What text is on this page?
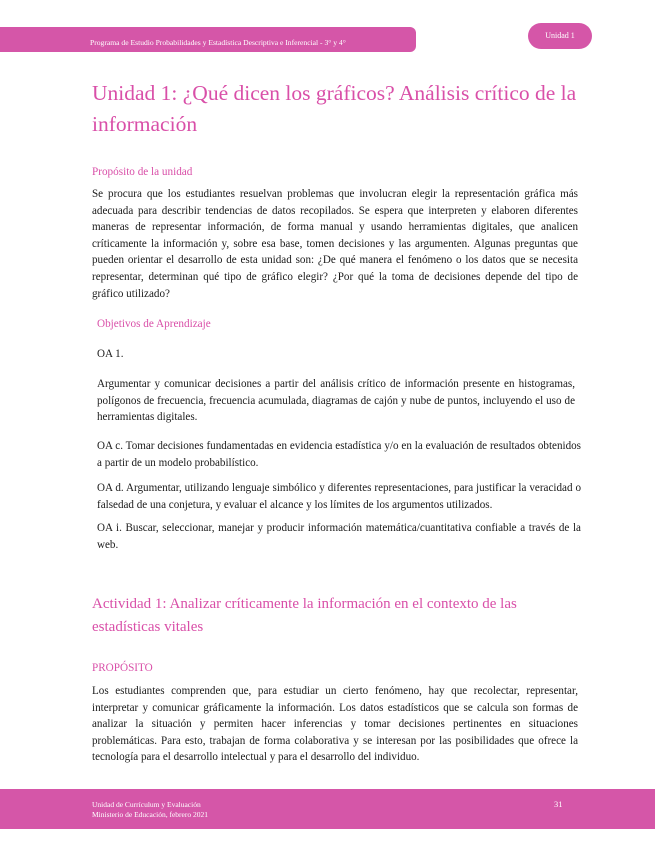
Programa de Estudio Probabilidades y Estadística Descriptiva e Inferencial - 3° y 4°
Unidad 1
Unidad 1: ¿Qué dicen los gráficos? Análisis crítico de la información
Propósito de la unidad

Se procura que los estudiantes resuelvan problemas que involucran elegir la representación gráfica más adecuada para describir tendencias de datos recopilados. Se espera que interpreten y elaboren diferentes maneras de representar información, de forma manual y usando herramientas digitales, que analicen críticamente la información y, sobre esa base, tomen decisiones y las argumenten. Algunas preguntas que pueden orientar el desarrollo de esta unidad son: ¿De qué manera el fenómeno o los datos que se necesita representar, determinan qué tipo de gráfico elegir? ¿Por qué la toma de decisiones depende del tipo de gráfico utilizado?

Objetivos de Aprendizaje
OA 1.

Argumentar y comunicar decisiones a partir del análisis crítico de información presente en histogramas, polígonos de frecuencia, frecuencia acumulada, diagramas de cajón y nube de puntos, incluyendo el uso de herramientas digitales.

OA c. Tomar decisiones fundamentadas en evidencia estadística y/o en la evaluación de resultados obtenidos a partir de un modelo probabilístico.

OA d. Argumentar, utilizando lenguaje simbólico y diferentes representaciones, para justificar la veracidad o falsedad de una conjetura, y evaluar el alcance y los límites de los argumentos utilizados.

OA i. Buscar, seleccionar, manejar y producir información matemática/cuantitativa confiable a través de la web.

Actividad 1: Analizar críticamente la información en el contexto de las estadísticas vitales
PROPÓSITO

Los estudiantes comprenden que, para estudiar un cierto fenómeno, hay que recolectar, representar, interpretar y comunicar gráficamente la información. Los datos estadísticos que se calcula son formas de analizar la situación y permiten hacer inferencias y tomar decisiones pertinentes en situaciones problemáticas. Para esto, trabajan de forma colaborativa y se interesan por las posibilidades que ofrece la tecnología para el desarrollo intelectual y para el desarrollo del individuo.

Unidad de Currículum y Evaluación
Ministerio de Educación, febrero 2021
31
